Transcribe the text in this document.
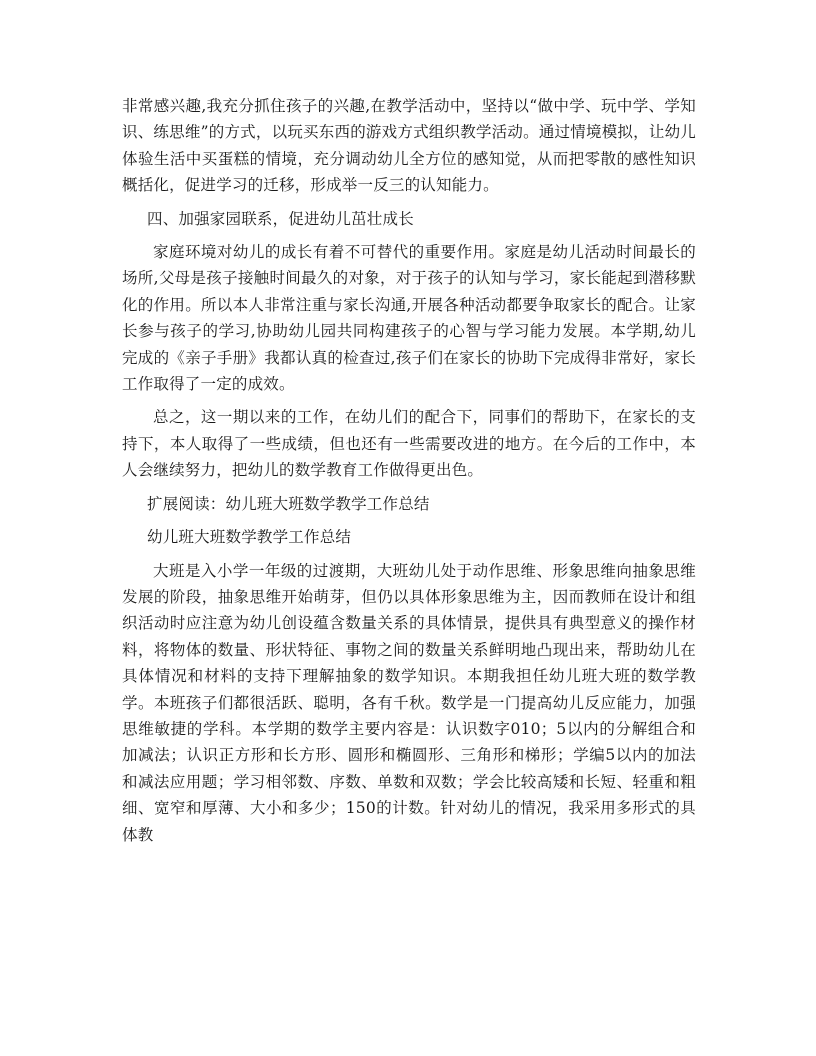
非常感兴趣,我充分抓住孩子的兴趣,在教学活动中，坚持以“做中学、玩中学、学知识、练思维”的方式，以玩买东西的游戏方式组织教学活动。通过情境模拟，让幼儿体验生活中买蛋糕的情境，充分调动幼儿全方位的感知觉，从而把零散的感性知识概括化，促进学习的迁移，形成举一反三的认知能力。

四、加强家园联系，促进幼儿茁壮成长

家庭环境对幼儿的成长有着不可替代的重要作用。家庭是幼儿活动时间最长的场所,父母是孩子接触时间最久的对象，对于孩子的认知与学习，家长能起到潜移默化的作用。所以本人非常注重与家长沟通,开展各种活动都要争取家长的配合。让家长参与孩子的学习,协助幼儿园共同构建孩子的心智与学习能力发展。本学期,幼儿完成的《亲子手册》我都认真的检查过,孩子们在家长的协助下完成得非常好，家长工作取得了一定的成效。

总之，这一期以来的工作，在幼儿们的配合下，同事们的帮助下，在家长的支持下，本人取得了一些成绩，但也还有一些需要改进的地方。在今后的工作中，本人会继续努力，把幼儿的数学教育工作做得更出色。

扩展阅读：幼儿班大班数学教学工作总结

幼儿班大班数学教学工作总结

大班是入小学一年级的过渡期，大班幼儿处于动作思维、形象思维向抽象思维发展的阶段，抽象思维开始萌芽，但仍以具体形象思维为主，因而教师在设计和组织活动时应注意为幼儿创设蕴含数量关系的具体情景，提供具有典型意义的操作材料，将物体的数量、形状特征、事物之间的数量关系鲜明地凸现出来，帮助幼儿在具体情况和材料的支持下理解抽象的数学知识。本期我担任幼儿班大班的数学教学。本班孩子们都很活跃、聪明，各有千秋。数学是一门提高幼儿反应能力，加强思维敏捷的学科。本学期的数学主要内容是：认识数字010；5以内的分解组合和加减法；认识正方形和长方形、圆形和椭圆形、三角形和梯形；学编5以内的加法和减法应用题；学习相邻数、序数、单数和双数；学会比较高矮和长短、轻重和粗细、宽窄和厚薄、大小和多少；150的计数。针对幼儿的情况，我采用多形式的具体教
